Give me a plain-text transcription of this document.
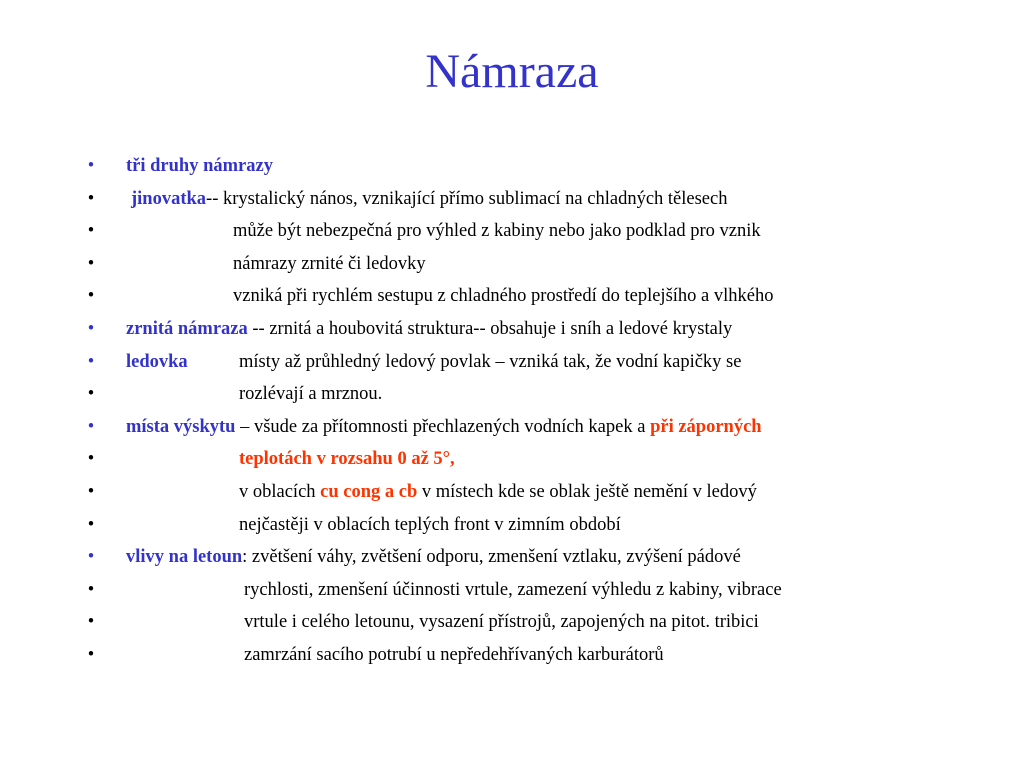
Námraza
• tři druhy námrazy
• jinovatka-- krystalický nános, vznikající přímo sublimací na chladných tělesech
•	může být nebezpečná pro výhled z kabiny nebo jako podklad pro vznik
•	námrazy zrnité či ledovky
•	vzniká při rychlém sestupu z chladného prostředí do teplejšího a vlhkého
• zrnitá námraza -- zrnitá a houbovitá struktura-- obsahuje i sníh a ledové krystaly
• ledovka	místy až průhledný ledový povlak – vzniká tak, že vodní kapičky se
•	rozlévají a mrznou.
• místa výskytu – všude za přítomnosti přechlazených vodních kapek a při záporných
•	teplotách v rozsahu 0 až 5°,
•	v oblacích cu cong a cb v místech kde se oblak ještě nemění v ledový
•	nejčastěji v oblacích teplých front v zimním období
• vlivy na letoun: zvětšení váhy, zvětšení odporu, zmenšení vztlaku, zvýšení pádové
•	rychlosti, zmenšení účinnosti vrtule, zamezení výhledu z kabiny, vibrace
•	vrtule i celého letounu, vysazení přístrojů, zapojených na pitot. tribici
•	zamrzání sacího potrubí u nepředehřívaných karburátorů
